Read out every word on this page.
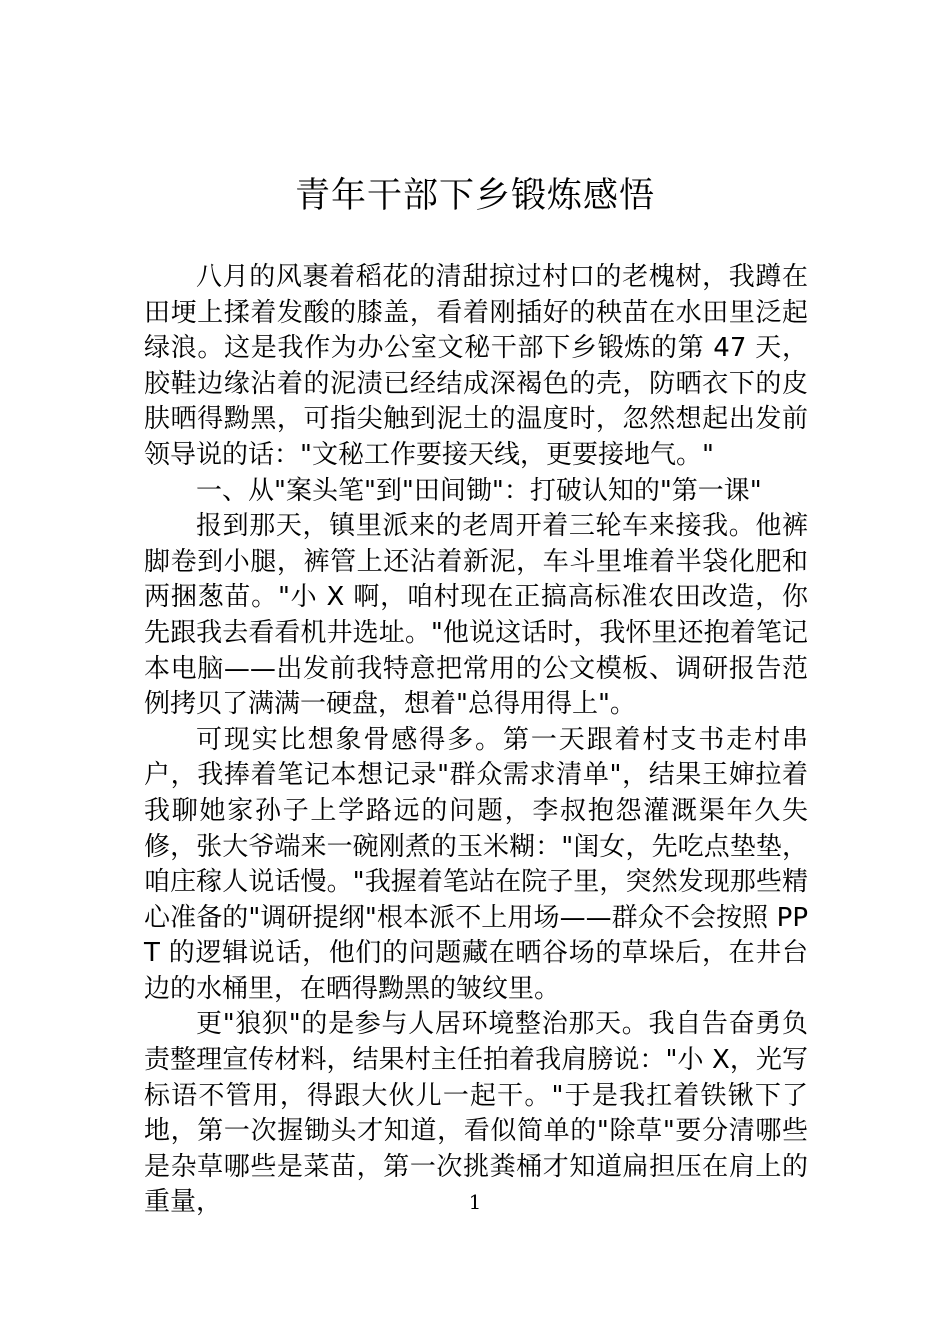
青年干部下乡锻炼感悟

八月的风裹着稻花的清甜掠过村口的老槐树，我蹲在田埂上揉着发酸的膝盖，看着刚插好的秧苗在水田里泛起绿浪。这是我作为办公室文秘干部下乡锻炼的第 47 天，胶鞋边缘沾着的泥渍已经结成深褐色的壳，防晒衣下的皮肤晒得黝黑，可指尖触到泥土的温度时，忽然想起出发前领导说的话："文秘工作要接天线，更要接地气。"

一、从"案头笔"到"田间锄"：打破认知的"第一课"

报到那天，镇里派来的老周开着三轮车来接我。他裤脚卷到小腿，裤管上还沾着新泥，车斗里堆着半袋化肥和两捆葱苗。"小 X 啊，咱村现在正搞高标准农田改造，你先跟我去看看机井选址。"他说这话时，我怀里还抱着笔记本电脑——出发前我特意把常用的公文模板、调研报告范例拷贝了满满一硬盘，想着"总得用得上"。

可现实比想象骨感得多。第一天跟着村支书走村串户，我捧着笔记本想记录"群众需求清单"，结果王婶拉着我聊她家孙子上学路远的问题，李叔抱怨灌溉渠年久失修，张大爷端来一碗刚煮的玉米糊："闺女，先吃点垫垫，咱庄稼人说话慢。"我握着笔站在院子里，突然发现那些精心准备的"调研提纲"根本派不上用场——群众不会按照 PPT 的逻辑说话，他们的问题藏在晒谷场的草垛后，在井台边的水桶里，在晒得黝黑的皱纹里。

更"狼狈"的是参与人居环境整治那天。我自告奋勇负责整理宣传材料，结果村主任拍着我肩膀说："小 X，光写标语不管用，得跟大伙儿一起干。"于是我扛着铁锹下了地，第一次握锄头才知道，看似简单的"除草"要分清哪些是杂草哪些是菜苗，第一次挑粪桶才知道扁担压在肩上的重量，	1
